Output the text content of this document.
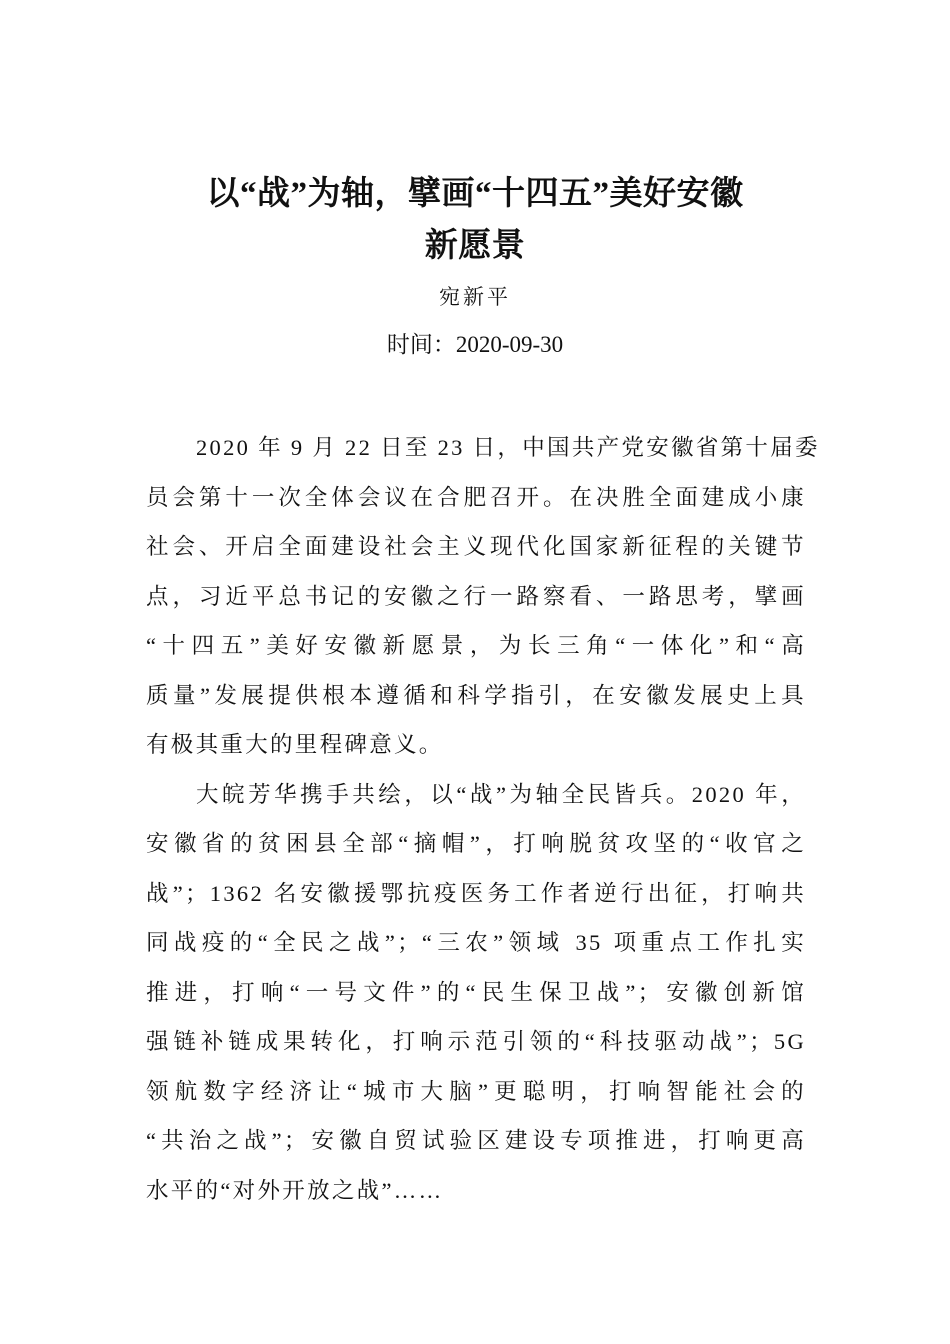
以“战”为轴，擘画“十四五”美好安徽
新愿景
宛新平
时间：2020-09-30
2020 年 9 月 22 日至 23 日，中国共产党安徽省第十届委
员会第十一次全体会议在合肥召开。在决胜全面建成小康
社会、开启全面建设社会主义现代化国家新征程的关键节
点，习近平总书记的安徽之行一路察看、一路思考，擘画
“十四五”美好安徽新愿景，为长三角“一体化”和“高
质量”发展提供根本遵循和科学指引，在安徽发展史上具
有极其重大的里程碑意义。
大皖芳华携手共绘，以“战”为轴全民皆兵。2020 年，
安徽省的贫困县全部“摘帽”，打响脱贫攻坚的“收官之
战”；1362 名安徽援鄂抗疫医务工作者逆行出征，打响共
同战疫的“全民之战”；“三农”领域 35 项重点工作扎实
推进，打响“一号文件”的“民生保卫战”；安徽创新馆
强链补链成果转化，打响示范引领的“科技驱动战”；5G
领航数字经济让“城市大脑”更聪明，打响智能社会的
“共治之战”；安徽自贸试验区建设专项推进，打响更高
水平的“对外开放之战”……
